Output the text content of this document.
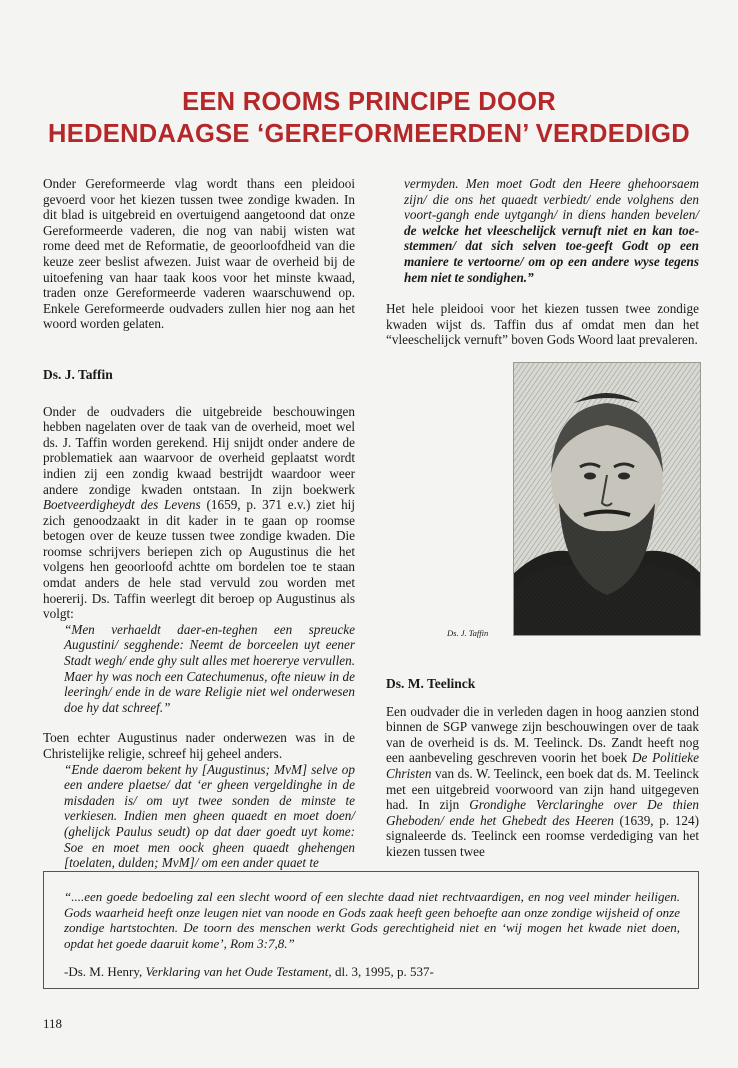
EEN ROOMS PRINCIPE DOOR
HEDENDAAGSE ‘GEREFORMEERDEN’ VERDEDIGD

Onder Gereformeerde vlag wordt thans een pleidooi gevoerd voor het kiezen tussen twee zondige kwaden. In dit blad is uitgebreid en overtuigend aangetoond dat onze Gereformeerde vaderen, die nog van nabij wisten wat rome deed met de Reformatie, de geoorloofdheid van die keuze zeer beslist afwezen. Juist waar de overheid bij de uitoefening van haar taak koos voor het minste kwaad, traden onze Gereformeerde vaderen waarschuwend op. Enkele Gereformeerde oudvaders zullen hier nog aan het woord worden gelaten.

Ds. J. Taffin

Onder de oudvaders die uitgebreide beschouwingen hebben nagelaten over de taak van de overheid, moet wel ds. J. Taffin worden gerekend. Hij snijdt onder andere de problematiek aan waarvoor de overheid geplaatst wordt indien zij een zondig kwaad bestrijdt waardoor weer andere zondige kwaden ontstaan. In zijn boekwerk Boetveerdigheydt des Levens (1659, p. 371 e.v.) ziet hij zich genoodzaakt in dit kader in te gaan op roomse betogen over de keuze tussen twee zondige kwaden. Die roomse schrijvers beriepen zich op Augustinus die het volgens hen geoorloofd achtte om bordelen toe te staan omdat anders de hele stad vervuld zou worden met hoererij. Ds. Taffin weerlegt dit beroep op Augustinus als volgt:

“Men verhaeldt daer-en-teghen een spreucke Augustini/ segghende: Neemt de borceelen uyt eener Stadt wegh/ ende ghy sult alles met hoererye vervullen. Maer hy was noch een Catechumenus, ofte nieuw in de leeringh/ ende in de ware Religie niet wel onderwesen doe hy dat schreef.”

Toen echter Augustinus nader onderwezen was in de Christelijke religie, schreef hij geheel anders.

“Ende daerom bekent hy [Augustinus; MvM] selve op een andere plaetse/ dat ‘er gheen vergeldinghe in de misdaden is/ om uyt twee sonden de minste te verkiesen. Indien men gheen quaedt en moet doen/ (ghelijck Paulus seudt) op dat daer goedt uyt kome: Soe en moet men oock gheen quaedt ghehengen [toelaten, dulden; MvM]/ om een ander quaet te

vermyden. Men moet Godt den Heere ghehoorsaem zijn/ die ons het quaedt verbiedt/ ende volghens den voort-gangh ende uytgangh/ in diens handen bevelen/ de welcke het vleeschelijck vernuft niet en kan toe-stemmen/ dat sich selven toe-geeft Godt op een maniere te vertoorne/ om op een andere wyse tegens hem niet te sondighen.”

Het hele pleidooi voor het kiezen tussen twee zondige kwaden wijst ds. Taffin dus af omdat men dan het “vleeschelijck vernuft” boven Gods Woord laat prevaleren.

Ds. J. Taffin

Ds. M. Teelinck

Een oudvader die in verleden dagen in hoog aanzien stond binnen de SGP vanwege zijn beschouwingen over de taak van de overheid is ds. M. Teelinck. Ds. Zandt heeft nog een aanbeveling geschreven voorin het boek De Politieke Christen van ds. W. Teelinck, een boek dat ds. M. Teelinck met een uitgebreid voorwoord van zijn hand uitgegeven had. In zijn Grondighe Verclaringhe over De thien Gheboden/ ende het Ghebedt des Heeren (1639, p. 124) signaleerde ds. Teelinck een roomse verdediging van het kiezen tussen twee

“....een goede bedoeling zal een slecht woord of een slechte daad niet rechtvaardigen, en nog veel minder heiligen. Gods waarheid heeft onze leugen niet van noode en Gods zaak heeft geen behoefte aan onze zondige wijsheid of onze zondige hartstochten. De toorn des menschen werkt Gods gerechtigheid niet en ‘wij mogen het kwade niet doen, opdat het goede daaruit kome’, Rom 3:7,8.”

-Ds. M. Henry, Verklaring van het Oude Testament, dl. 3, 1995, p. 537-

118
